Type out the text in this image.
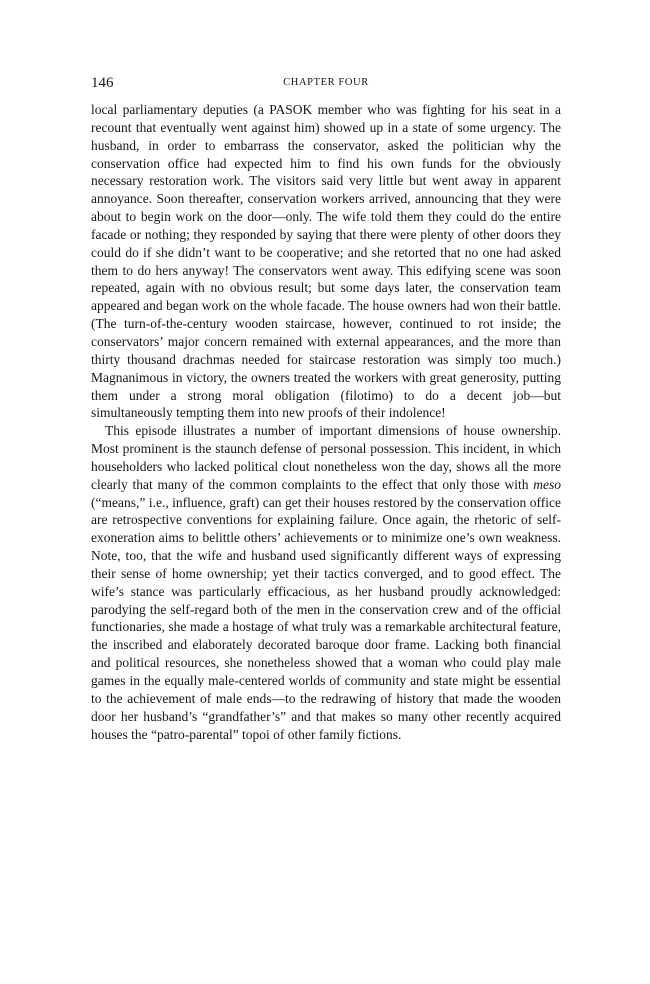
146	CHAPTER FOUR

local parliamentary deputies (a PASOK member who was fighting for his seat in a recount that eventually went against him) showed up in a state of some urgency. The husband, in order to embarrass the conservator, asked the politician why the conservation office had expected him to find his own funds for the obviously necessary restoration work. The visitors said very little but went away in apparent annoyance. Soon thereafter, conservation workers arrived, announcing that they were about to begin work on the door—only. The wife told them they could do the entire facade or nothing; they responded by saying that there were plenty of other doors they could do if she didn’t want to be cooperative; and she retorted that no one had asked them to do hers anyway! The conservators went away. This edifying scene was soon repeated, again with no obvious result; but some days later, the conservation team appeared and began work on the whole facade. The house owners had won their battle. (The turn-of-the-century wooden staircase, however, continued to rot inside; the conservators’ major concern remained with external appearances, and the more than thirty thousand drachmas needed for staircase restoration was simply too much.) Magnanimous in victory, the owners treated the workers with great generosity, putting them under a strong moral obligation (filotimo) to do a decent job—but simultaneously tempting them into new proofs of their indolence!

This episode illustrates a number of important dimensions of house ownership. Most prominent is the staunch defense of personal possession. This incident, in which householders who lacked political clout nonetheless won the day, shows all the more clearly that many of the common complaints to the effect that only those with meso (“means,” i.e., influence, graft) can get their houses restored by the conservation office are retrospective conventions for explaining failure. Once again, the rhetoric of self-exoneration aims to belittle others’ achievements or to minimize one’s own weakness. Note, too, that the wife and husband used significantly different ways of expressing their sense of home ownership; yet their tactics converged, and to good effect. The wife’s stance was particularly efficacious, as her husband proudly acknowledged: parodying the self-regard both of the men in the conservation crew and of the official functionaries, she made a hostage of what truly was a remarkable architectural feature, the inscribed and elaborately decorated baroque door frame. Lacking both financial and political resources, she nonetheless showed that a woman who could play male games in the equally male-centered worlds of community and state might be essential to the achievement of male ends—to the redrawing of history that made the wooden door her husband’s “grandfather’s” and that makes so many other recently acquired houses the “patro-parental” topoi of other family fictions.
